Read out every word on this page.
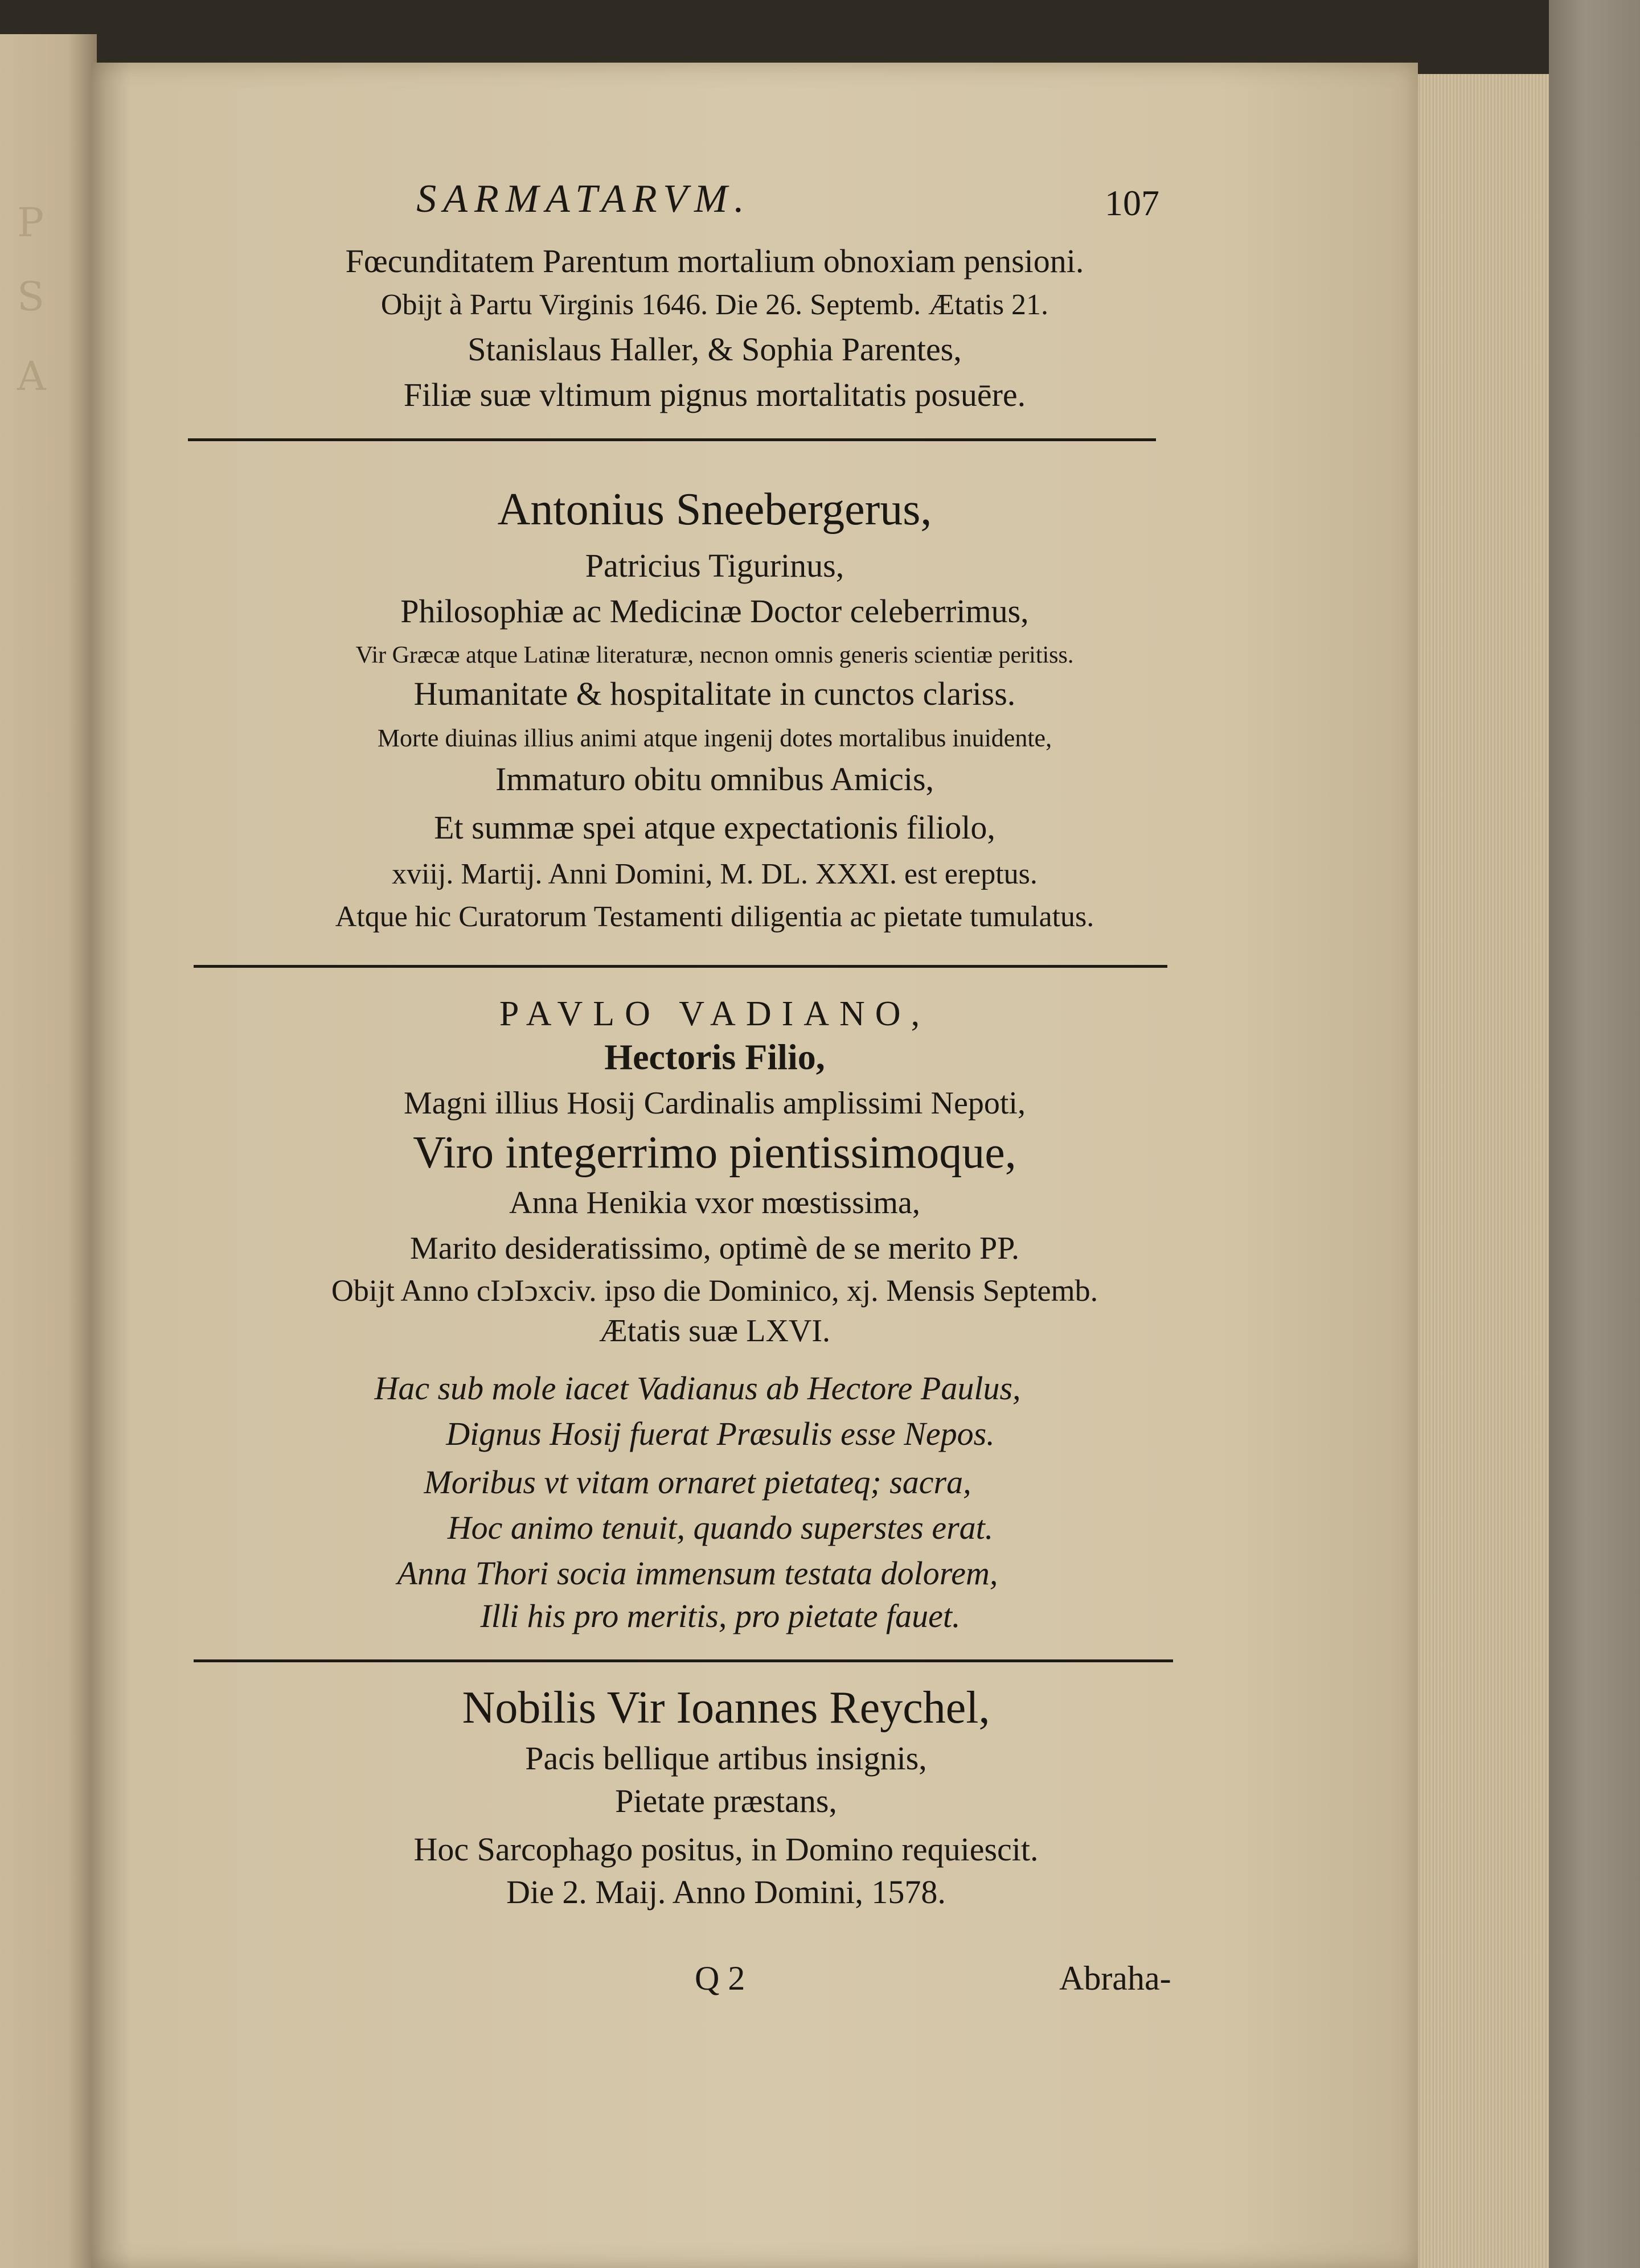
P
S
A
SARMATARVM.	107
Fœcunditatem Parentum mortalium obnoxiam pensioni.
Obijt à Partu Virginis 1646. Die 26. Septemb. Ætatis 21.
Stanislaus Haller, & Sophia Parentes,
Filiæ suæ vltimum pignus mortalitatis posuēre.
Antonius Sneebergerus,
Patricius Tigurinus,
Philosophiæ ac Medicinæ Doctor celeberrimus,
Vir Græcæ atque Latinæ literaturæ, necnon omnis generis scientiæ peritiss.
Humanitate & hospitalitate in cunctos clariss.
Morte diuinas illius animi atque ingenij dotes mortalibus inuidente,
Immaturo obitu omnibus Amicis,
Et summæ spei atque expectationis filiolo,
xviij. Martij. Anni Domini, M. DL. XXXI. est ereptus.
Atque hic Curatorum Testamenti diligentia ac pietate tumulatus.
PAVLO VADIANO,
Hectoris Filio,
Magni illius Hosij Cardinalis amplissimi Nepoti,
Viro integerrimo pientissimoque,
Anna Henikia vxor mœstissima,
Marito desideratissimo, optimè de se merito PP.
Obijt Anno cIↄIↄxciv. ipso die Dominico, xj. Mensis Septemb.
Ætatis suæ LXVI.
Hac sub mole iacet Vadianus ab Hectore Paulus,
Dignus Hosij fuerat Præsulis esse Nepos.
Moribus vt vitam ornaret pietateq; sacra,
Hoc animo tenuit, quando superstes erat.
Anna Thori socia immensum testata dolorem,
Illi his pro meritis, pro pietate fauet.
Nobilis Vir Ioannes Reychel,
Pacis bellique artibus insignis,
Pietate præstans,
Hoc Sarcophago positus, in Domino requiescit.
Die 2. Maij. Anno Domini, 1578.
Q 2	Abraha-
